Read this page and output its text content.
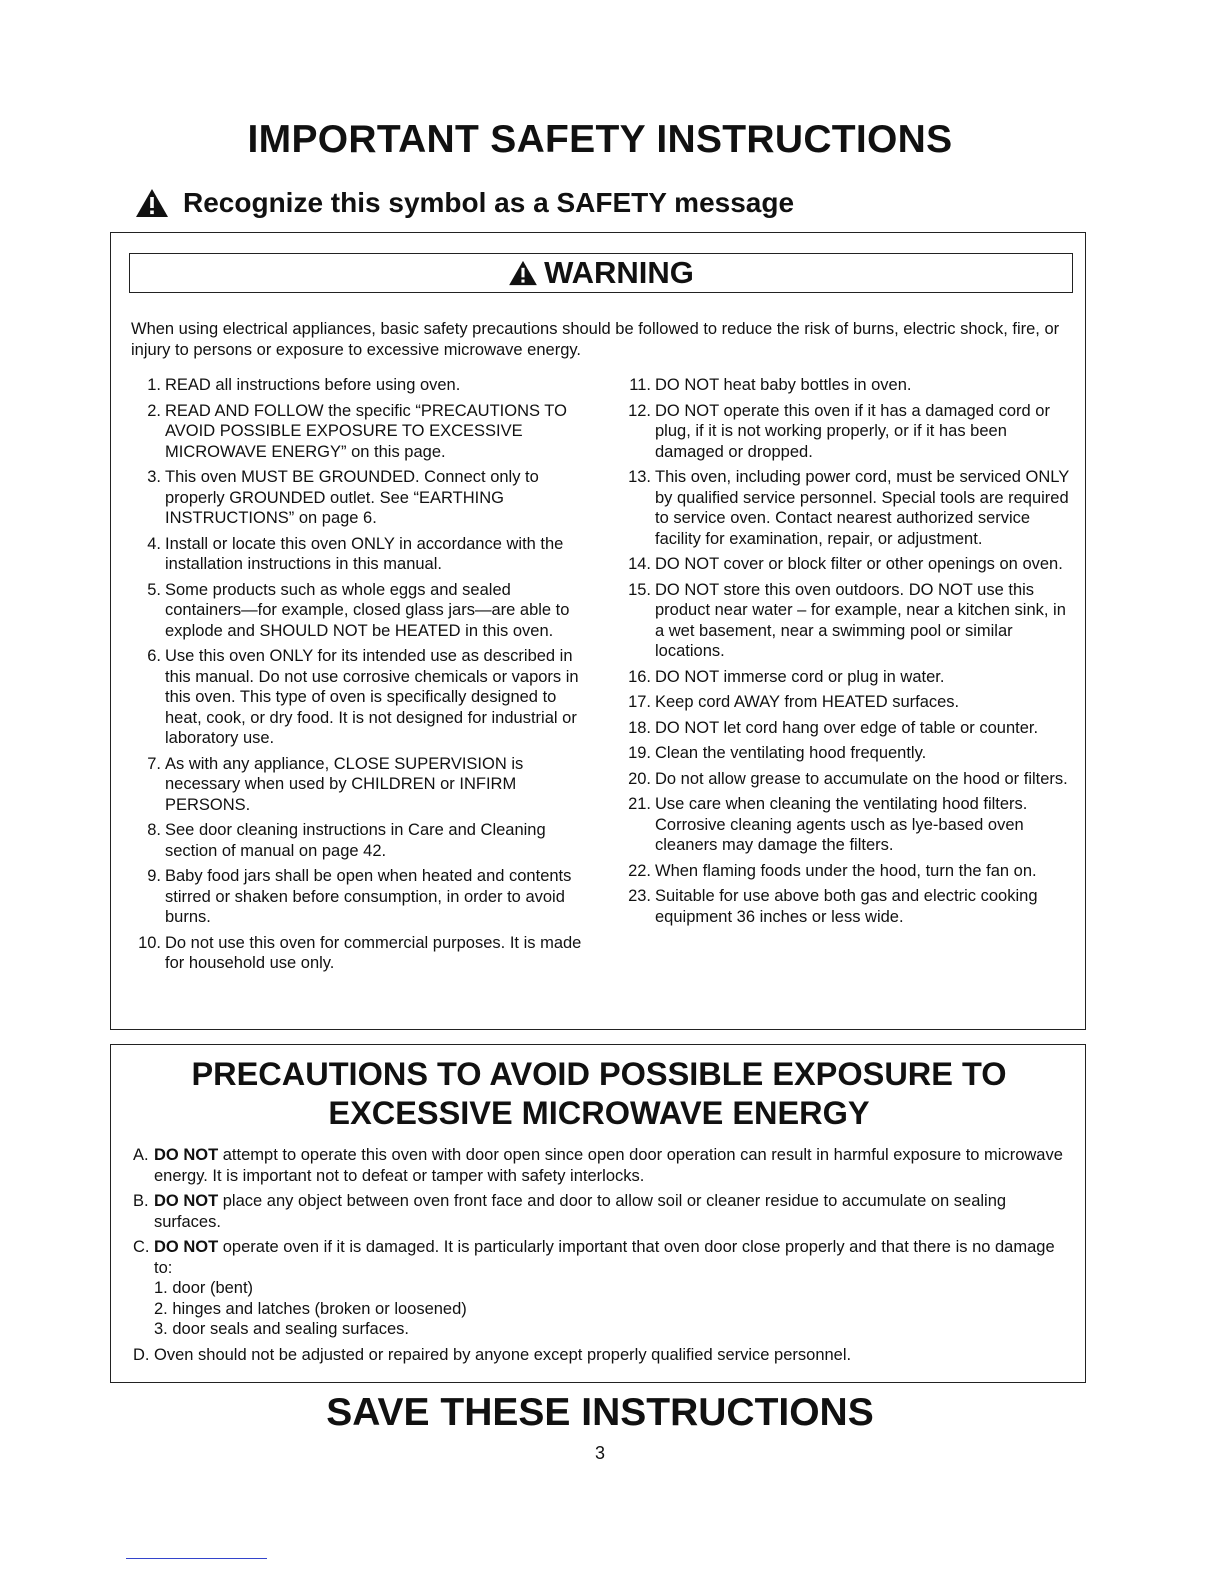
IMPORTANT SAFETY INSTRUCTIONS
Recognize this symbol as a SAFETY message
WARNING
When using electrical appliances, basic safety precautions should be followed to reduce the risk of burns, electric shock, fire, or injury to persons or exposure to excessive microwave energy.
1. READ all instructions before using oven.
2. READ AND FOLLOW the specific “PRECAUTIONS TO AVOID POSSIBLE EXPOSURE TO EXCESSIVE MICROWAVE ENERGY” on this page.
3. This oven MUST BE GROUNDED. Connect only to properly GROUNDED outlet. See “EARTHING INSTRUCTIONS” on page 6.
4. Install or locate this oven ONLY in accordance with the installation instructions in this manual.
5. Some products such as whole eggs and sealed containers—for example, closed glass jars—are able to explode and SHOULD NOT be HEATED in this oven.
6. Use this oven ONLY for its intended use as described in this manual. Do not use corrosive chemicals or vapors in this oven. This type of oven is specifically designed to heat, cook, or dry food. It is not designed for industrial or laboratory use.
7. As with any appliance, CLOSE SUPERVISION is necessary when used by CHILDREN or INFIRM PERSONS.
8. See door cleaning instructions in Care and Cleaning section of manual on page 42.
9. Baby food jars shall be open when heated and contents stirred or shaken before consumption, in order to avoid burns.
10. Do not use this oven for commercial purposes. It is made for household use only.
11. DO NOT heat baby bottles in oven.
12. DO NOT operate this oven if it has a damaged cord or plug, if it is not working properly, or if it has been damaged or dropped.
13. This oven, including power cord, must be serviced ONLY by qualified service personnel. Special tools are required to service oven. Contact nearest authorized service facility for examination, repair, or adjustment.
14. DO NOT cover or block filter or other openings on oven.
15. DO NOT store this oven outdoors. DO NOT use this product near water – for example, near a kitchen sink, in a wet basement, near a swimming pool or similar locations.
16. DO NOT immerse cord or plug in water.
17. Keep cord AWAY from HEATED surfaces.
18. DO NOT let cord hang over edge of table or counter.
19. Clean the ventilating hood frequently.
20. Do not allow grease to accumulate on the hood or filters.
21. Use care when cleaning the ventilating hood filters. Corrosive cleaning agents usch as lye-based oven cleaners may damage the filters.
22. When flaming foods under the hood, turn the fan on.
23. Suitable for use above both gas and electric cooking equipment 36 inches or less wide.
PRECAUTIONS TO AVOID POSSIBLE EXPOSURE TO
EXCESSIVE MICROWAVE ENERGY
A. DO NOT attempt to operate this oven with door open since open door operation can result in harmful exposure to microwave energy. It is important not to defeat or tamper with safety interlocks.
B. DO NOT place any object between oven front face and door to allow soil or cleaner residue to accumulate on sealing surfaces.
C. DO NOT operate oven if it is damaged. It is particularly important that oven door close properly and that there is no damage to:
1. door (bent)
2. hinges and latches (broken or loosened)
3. door seals and sealing surfaces.
D. Oven should not be adjusted or repaired by anyone except properly qualified service personnel.
SAVE THESE INSTRUCTIONS
3
